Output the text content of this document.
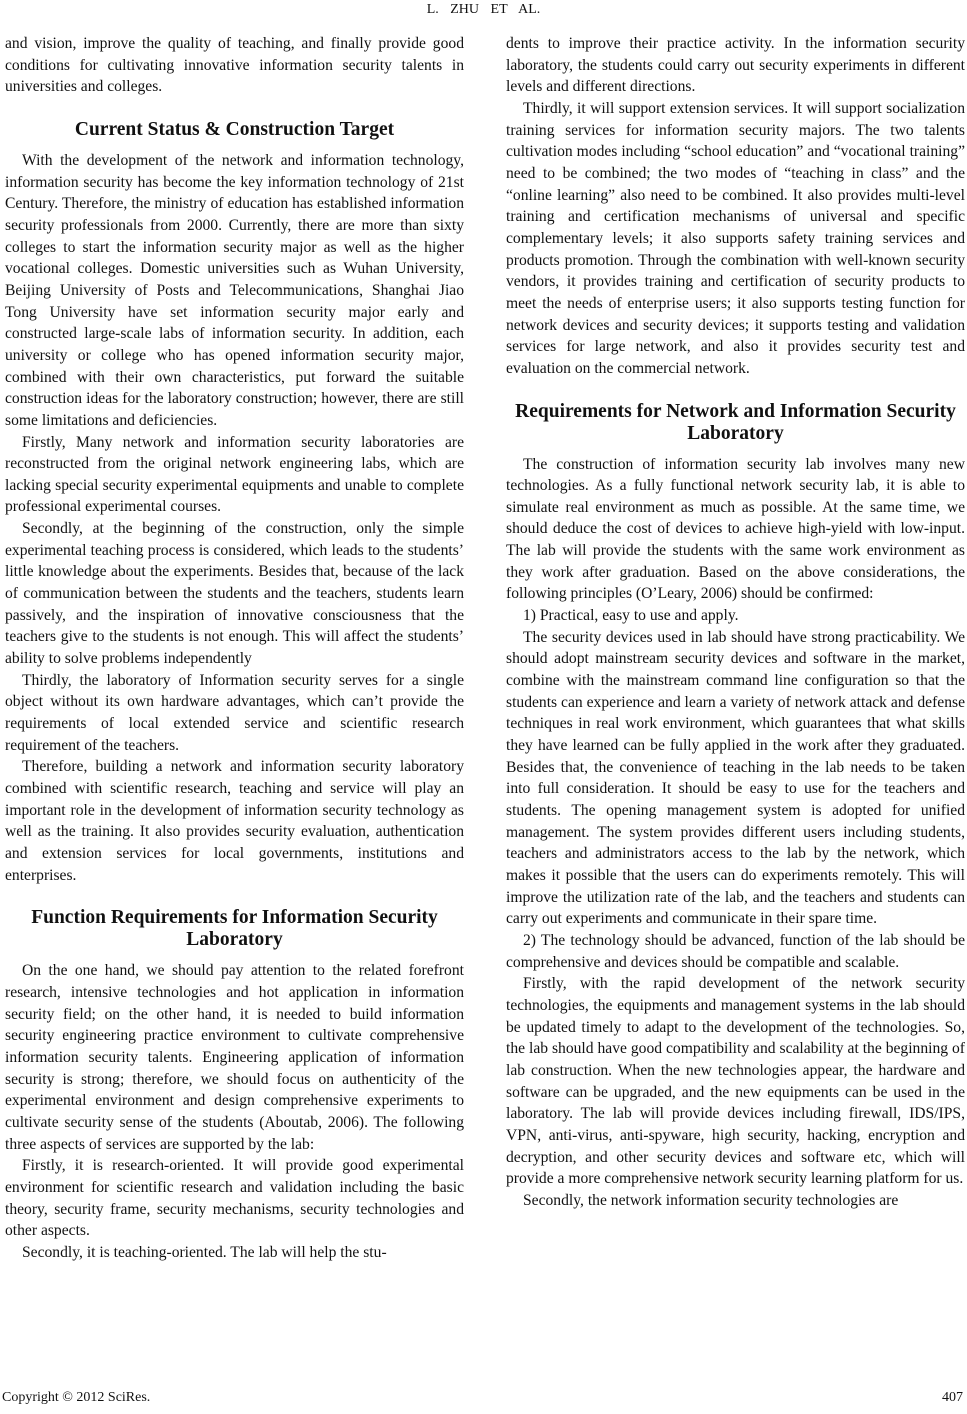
L. ZHU ET AL.

and vision, improve the quality of teaching, and finally provide good conditions for cultivating innovative information security talents in universities and colleges.

Current Status & Construction Target

With the development of the network and information technology, information security has become the key information technology of 21st Century. Therefore, the ministry of education has established information security professionals from 2000. Currently, there are more than sixty colleges to start the information security major as well as the higher vocational colleges. Domestic universities such as Wuhan University, Beijing University of Posts and Telecommunications, Shanghai Jiao Tong University have set information security major early and constructed large-scale labs of information security. In addition, each university or college who has opened information security major, combined with their own characteristics, put forward the suitable construction ideas for the laboratory construction; however, there are still some limitations and deficiencies.

Firstly, Many network and information security laboratories are reconstructed from the original network engineering labs, which are lacking special security experimental equipments and unable to complete professional experimental courses.

Secondly, at the beginning of the construction, only the simple experimental teaching process is considered, which leads to the students’ little knowledge about the experiments. Besides that, because of the lack of communication between the students and the teachers, students learn passively, and the inspiration of innovative consciousness that the teachers give to the students is not enough. This will affect the students’ ability to solve problems independently

Thirdly, the laboratory of Information security serves for a single object without its own hardware advantages, which can’t provide the requirements of local extended service and scientific research requirement of the teachers.

Therefore, building a network and information security laboratory combined with scientific research, teaching and service will play an important role in the development of information security technology as well as the training. It also provides security evaluation, authentication and extension services for local governments, institutions and enterprises.

Function Requirements for Information Security Laboratory

On the one hand, we should pay attention to the related forefront research, intensive technologies and hot application in information security field; on the other hand, it is needed to build information security engineering practice environment to cultivate comprehensive information security talents. Engineering application of information security is strong; therefore, we should focus on authenticity of the experimental environment and design comprehensive experiments to cultivate security sense of the students (Aboutab, 2006). The following three aspects of services are supported by the lab:

Firstly, it is research-oriented. It will provide good experimental environment for scientific research and validation including the basic theory, security frame, security mechanisms, security technologies and other aspects.

Secondly, it is teaching-oriented. The lab will help the stu-

dents to improve their practice activity. In the information security laboratory, the students could carry out security experiments in different levels and different directions.

Thirdly, it will support extension services. It will support socialization training services for information security majors. The two talents cultivation modes including “school education” and “vocational training” need to be combined; the two modes of “teaching in class” and the “online learning” also need to be combined. It also provides multi-level training and certification mechanisms of universal and specific complementary levels; it also supports safety training services and products promotion. Through the combination with well-known security vendors, it provides training and certification of security products to meet the needs of enterprise users; it also supports testing function for network devices and security devices; it supports testing and validation services for large network, and also it provides security test and evaluation on the commercial network.

Requirements for Network and Information Security Laboratory

The construction of information security lab involves many new technologies. As a fully functional network security lab, it is able to simulate real environment as much as possible. At the same time, we should deduce the cost of devices to achieve high-yield with low-input. The lab will provide the students with the same work environment as they work after graduation. Based on the above considerations, the following principles (O’Leary, 2006) should be confirmed:

1) Practical, easy to use and apply.

The security devices used in lab should have strong practicability. We should adopt mainstream security devices and software in the market, combine with the mainstream command line configuration so that the students can experience and learn a variety of network attack and defense techniques in real work environment, which guarantees that what skills they have learned can be fully applied in the work after they graduated. Besides that, the convenience of teaching in the lab needs to be taken into full consideration. It should be easy to use for the teachers and students. The opening management system is adopted for unified management. The system provides different users including students, teachers and administrators access to the lab by the network, which makes it possible that the users can do experiments remotely. This will improve the utilization rate of the lab, and the teachers and students can carry out experiments and communicate in their spare time.

2) The technology should be advanced, function of the lab should be comprehensive and devices should be compatible and scalable.

Firstly, with the rapid development of the network security technologies, the equipments and management systems in the lab should be updated timely to adapt to the development of the technologies. So, the lab should have good compatibility and scalability at the beginning of lab construction. When the new technologies appear, the hardware and software can be upgraded, and the new equipments can be used in the laboratory. The lab will provide devices including firewall, IDS/IPS, VPN, anti-virus, anti-spyware, high security, hacking, encryption and decryption, and other security devices and software etc, which will provide a more comprehensive network security learning platform for us.

Secondly, the network information security technologies are

Copyright © 2012 SciRes.	407
